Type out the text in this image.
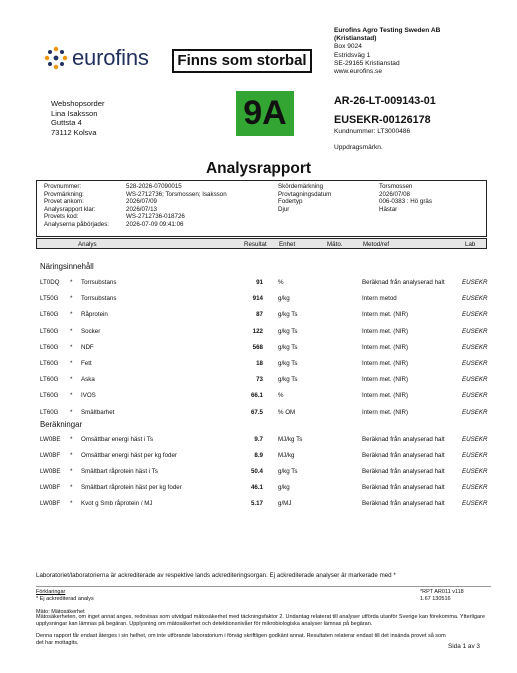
eurofins	Finns som storbal
Eurofins Agro Testing Sweden AB
(Kristianstad)
Box 9024
Estridsväg 1
SE-29165 Kristianstad
www.eurofins.se
Webshopsorder
Lina Isaksson
Guttsta 4
73112 Kolsva
9A	AR-26-LT-009143-01
EUSEKR-00126178
Kundnummer: LT3000486
Uppdragsmärkn.
Analysrapport
Provnummer:	528-2026-07090015
Provmärkning:	WS-2712736; Torsmossen; Isaksson
Provet ankom:	2026/07/09
Analysrapport klar:	2026/07/13
Provets kod:	WS-2712736-018726
Analyserna påbörjades:	2026-07-09 09:41:06
Skördemärkning	Torsmossen
Provtagningsdatum	2026/07/08
Fodertyp	006-0383 : Hö gräs
Djur	Hästar
Analys	Resultat Enhet	Mäto.	Metod/ref	Lab
Näringsinnehåll
LT0DQ * Torrsubstans	91 %	Beräknad från analyserad halt	EUSEKR
LT50G * Torrsubstans	914 g/kg	Intern metod	EUSEKR
LT60G * Råprotein	87 g/kg Ts	Intern met. (NIR)	EUSEKR
LT60G * Socker	122 g/kg Ts	Intern met. (NIR)	EUSEKR
LT60G * NDF	568 g/kg Ts	Intern met. (NIR)	EUSEKR
LT60G * Fett	18 g/kg Ts	Intern met. (NIR)	EUSEKR
LT60G * Aska	73 g/kg Ts	Intern met. (NIR)	EUSEKR
LT60G * IVOS	66.1 %	Intern met. (NIR)	EUSEKR
LT60G * Smältbarhet	67.5 % OM	Intern met. (NIR)	EUSEKR
Beräkningar
LW0BE * Omsättbar energi häst i Ts	9.7 MJ/kg Ts	Beräknad från analyserad halt	EUSEKR
LW0BF * Omsättbar energi häst per kg foder	8.9 MJ/kg	Beräknad från analyserad halt	EUSEKR
LW0BE * Smältbart råprotein häst i Ts	50.4 g/kg Ts	Beräknad från analyserad halt	EUSEKR
LW0BF * Smältbart råprotein häst per kg foder	46.1 g/kg	Beräknad från analyserad halt	EUSEKR
LW0BF * Kvot g Smb råprotein / MJ	5.17 g/MJ	Beräknad från analyserad halt	EUSEKR
Laboratoriet/laboratorierna är ackrediterade av respektive lands ackrediteringsorgan. Ej ackrediterade analyser är markerade med *
Förklaringar
* Ej ackrediterad analys
Mäto: Mätosäkerhet
*RPT AR011 v118
1.67 130516
Mätosäkerheten, om inget annat anges, redovisas som utvidgad mätosäkerhet med täckningsfaktor 2. Undantag relaterat till analyser utförda utanför Sverige kan förekomma. Ytterligare upplysningar kan lämnas på begäran. Upplysning om mätosäkerhet och detektionsnivåer för mikrobiologiska analyser lämnas på begäran.
Denna rapport får endast återges i sin helhet, om inte utförande laboratorium i förväg skriftligen godkänt annat. Resultaten relaterar endast till det insända provet så som det har mottagits.
Sida 1 av 3
